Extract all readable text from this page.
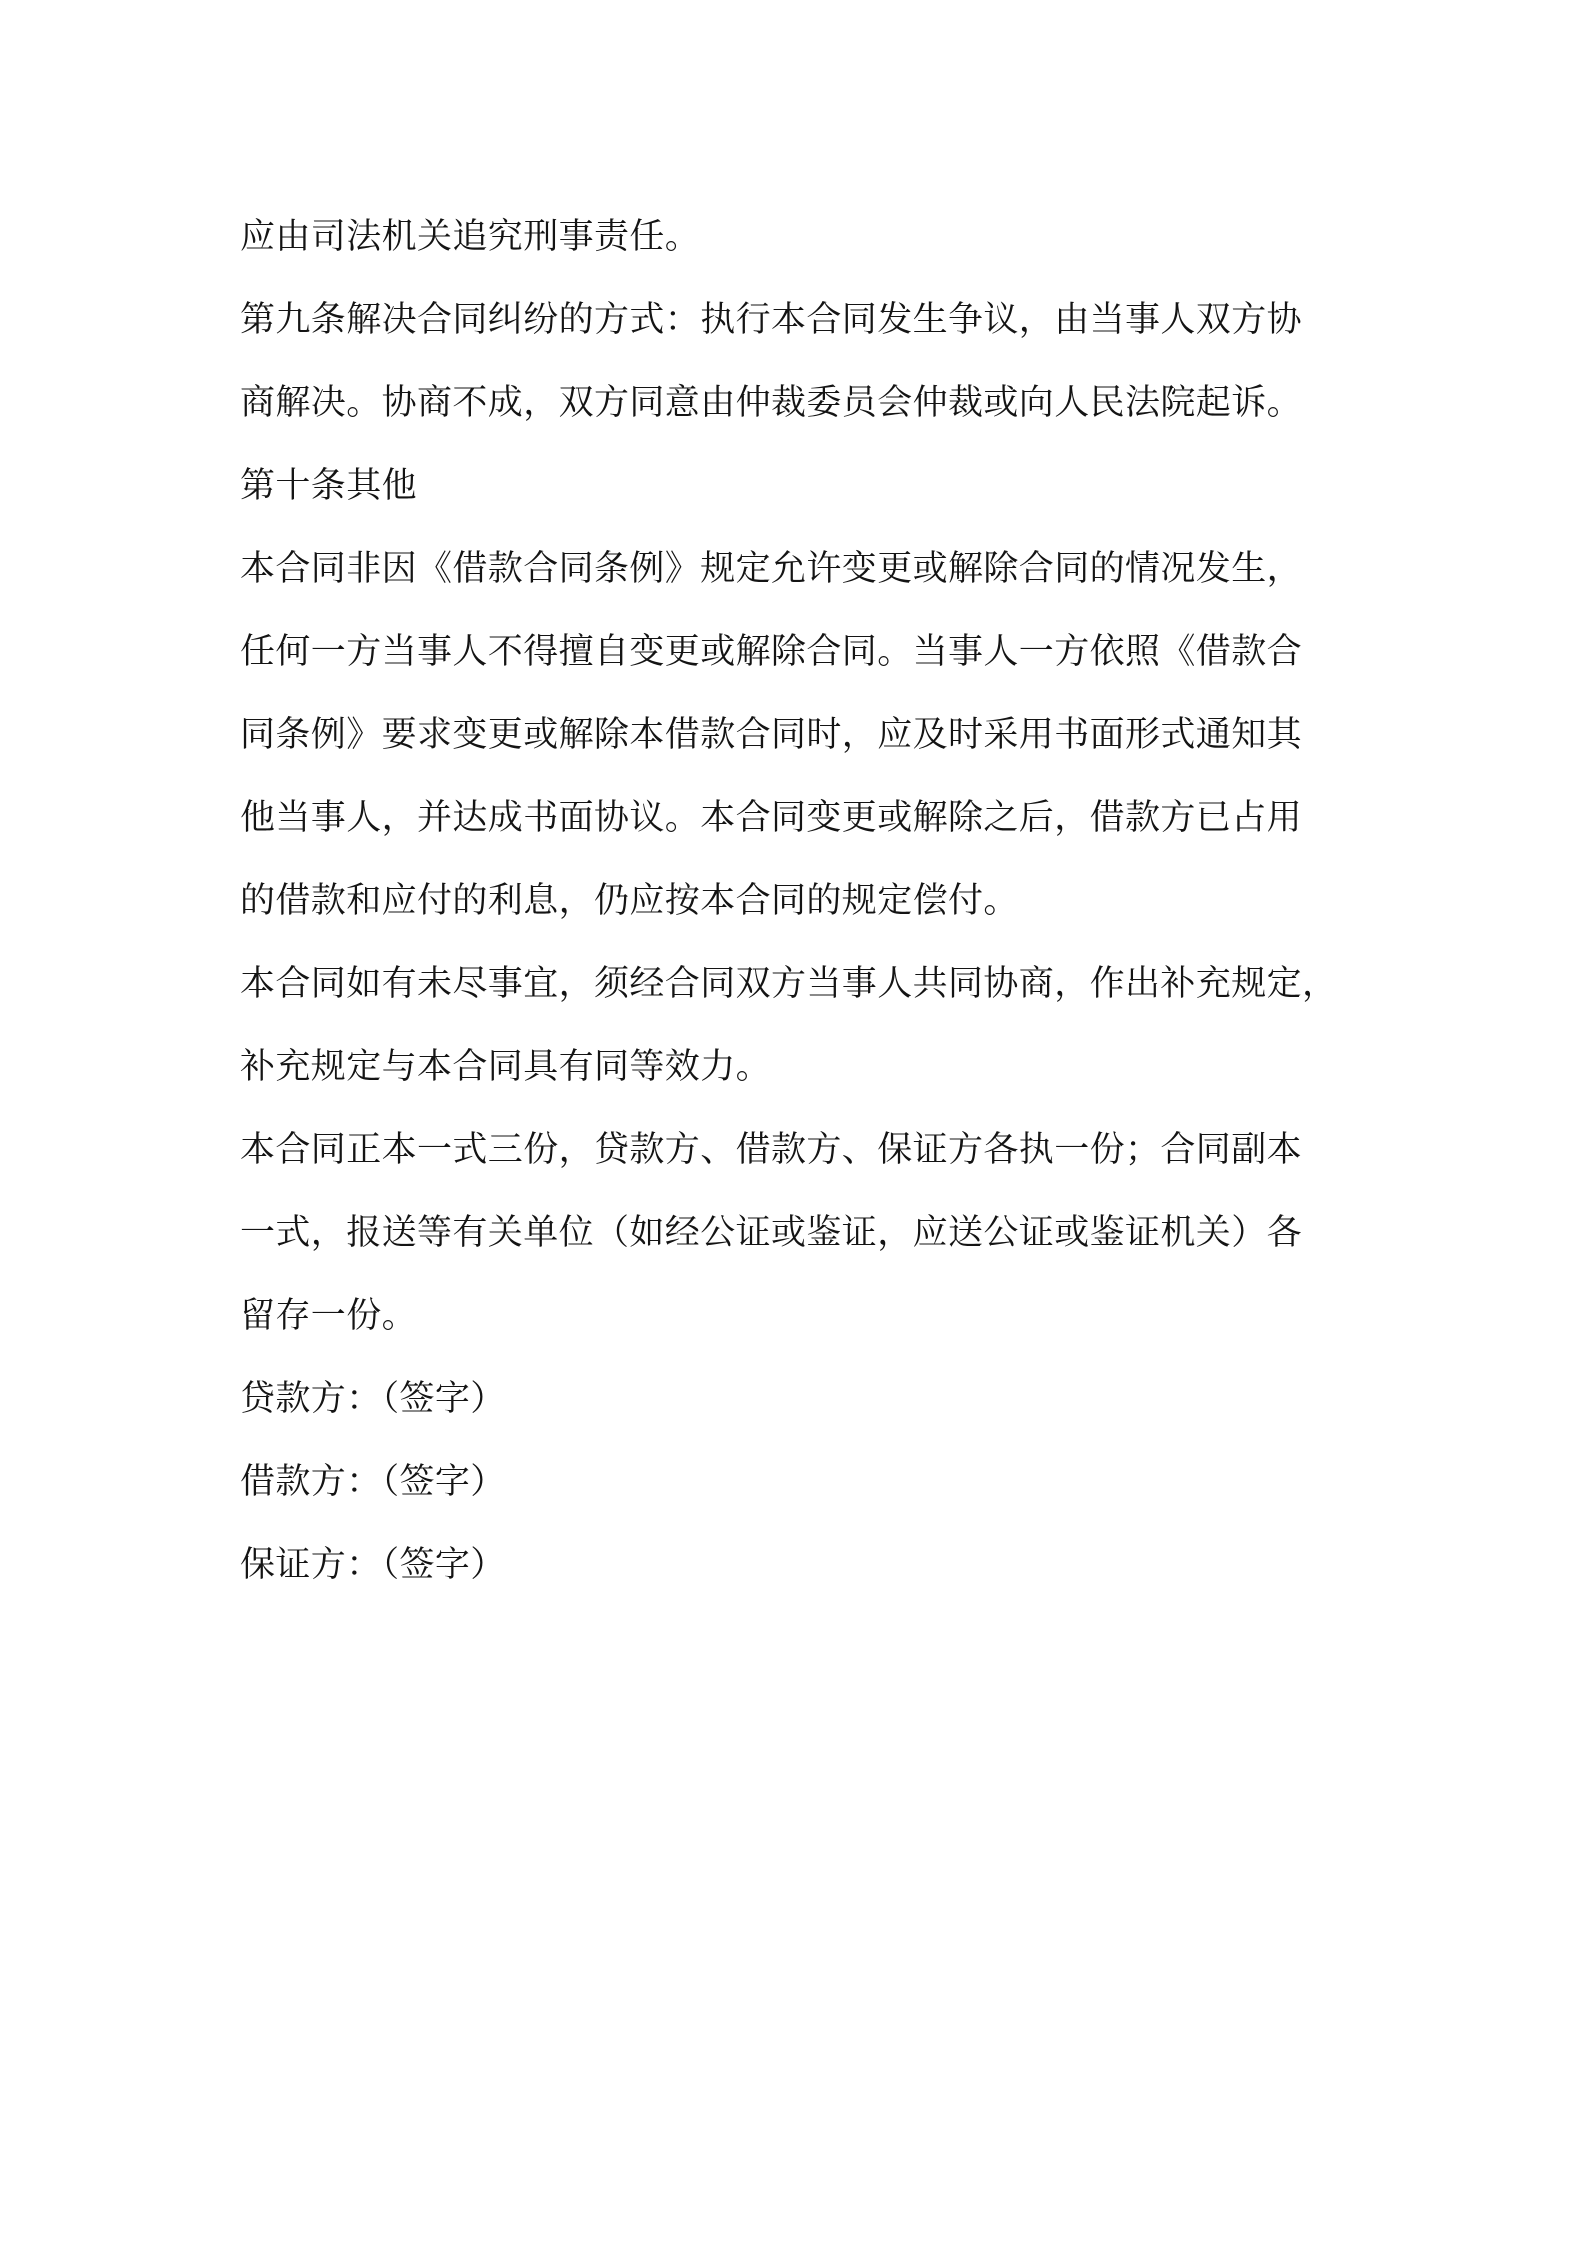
应由司法机关追究刑事责任。
第九条解决合同纠纷的方式：执行本合同发生争议，由当事人双方协
商解决。协商不成，双方同意由仲裁委员会仲裁或向人民法院起诉。
第十条其他
本合同非因《借款合同条例》规定允许变更或解除合同的情况发生，
任何一方当事人不得擅自变更或解除合同。当事人一方依照《借款合
同条例》要求变更或解除本借款合同时，应及时采用书面形式通知其
他当事人，并达成书面协议。本合同变更或解除之后，借款方已占用
的借款和应付的利息，仍应按本合同的规定偿付。
本合同如有未尽事宜，须经合同双方当事人共同协商，作出补充规定，
补充规定与本合同具有同等效力。
本合同正本一式三份，贷款方、借款方、保证方各执一份；合同副本
一式，报送等有关单位（如经公证或鉴证，应送公证或鉴证机关）各
留存一份。
贷款方：（签字）
借款方：（签字）
保证方：（签字）
